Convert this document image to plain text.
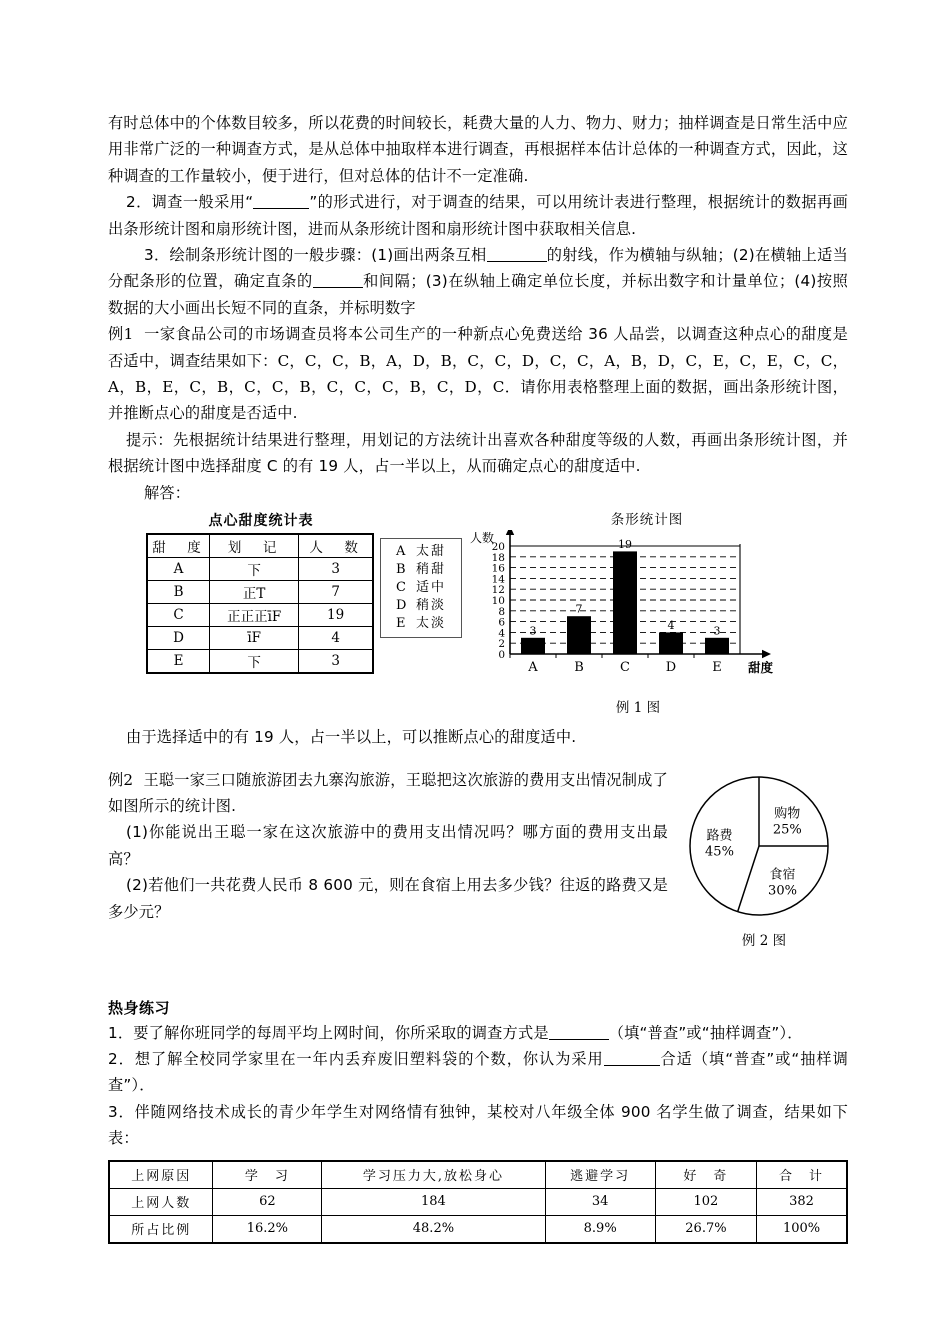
有时总体中的个体数目较多，所以花费的时间较长，耗费大量的人力、物力、财力；抽样调查是日常生活中应用非常广泛的一种调查方式，是从总体中抽取样本进行调查，再根据样本估计总体的一种调查方式，因此，这种调查的工作量较小，便于进行，但对总体的估计不一定准确.

2．调查一般采用“	”的形式进行，对于调查的结果，可以用统计表进行整理，根据统计的数据再画出条形统计图和扇形统计图，进而从条形统计图和扇形统计图中获取相关信息.

3．绘制条形统计图的一般步骤：(1)画出两条互相	的射线，作为横轴与纵轴；(2)在横轴上适当分配条形的位置，确定直条的	和间隔；(3)在纵轴上确定单位长度，并标出数字和计量单位；(4)按照数据的大小画出长短不同的直条，并标明数字

例1 一家食品公司的市场调查员将本公司生产的一种新点心免费送给 36 人品尝，以调查这种点心的甜度是否适中，调查结果如下：C，C，C，B，A，D，B，C，C，D，C，C，A，B，D，C，E，C，E，C，C，A，B，E，C，B，C，C，B，C，C，C，B，C，D，C．请你用表格整理上面的数据，画出条形统计图，并推断点心的甜度是否适中.

提示：先根据统计结果进行整理，用划记的方法统计出喜欢各种甜度等级的人数，再画出条形统计图，并根据统计图中选择甜度 C 的有 19 人，占一半以上，从而确定点心的甜度适中.

解答：

点心甜度统计表
甜　度	划　记	人　数
A	下	3
B	正T	7
C	正正正īF	19
D	īF	4
E	下	3
A 太甜
B 稍甜
C 适中
D 稍淡
E 太淡
条形统计图
人数
0
2
4
6
8
10
12
14
16
18
20
3
A
7
B
19
C
4
D
3
E 甜度
例 1 图

由于选择适中的有 19 人，占一半以上，可以推断点心的甜度适中.

例2 王聪一家三口随旅游团去九寨沟旅游，王聪把这次旅游的费用支出情况制成了如图所示的统计图.

(1)你能说出王聪一家在这次旅游中的费用支出情况吗？哪方面的费用支出最高？

(2)若他们一共花费人民币 8 600 元，则在食宿上用去多少钱？往返的路费又是多少元？

购物
25%
食宿
30%
路费
45%
例 2 图
热身练习

1．要了解你班同学的每周平均上网时间，你所采取的调查方式是	（填“普查”或“抽样调查”）．

2．想了解全校同学家里在一年内丢弃废旧塑料袋的个数，你认为采用	合适（填“普查”或“抽样调查”）．

3．伴随网络技术成长的青少年学生对网络情有独钟，某校对八年级全体 900 名学生做了调查，结果如下表：

上网原因	学　习	学习压力大,放松身心	逃避学习	好　奇	合　计
上网人数	62	184	34	102	382
所占比例	16.2%	48.2%	8.9%	26.7%	100%
